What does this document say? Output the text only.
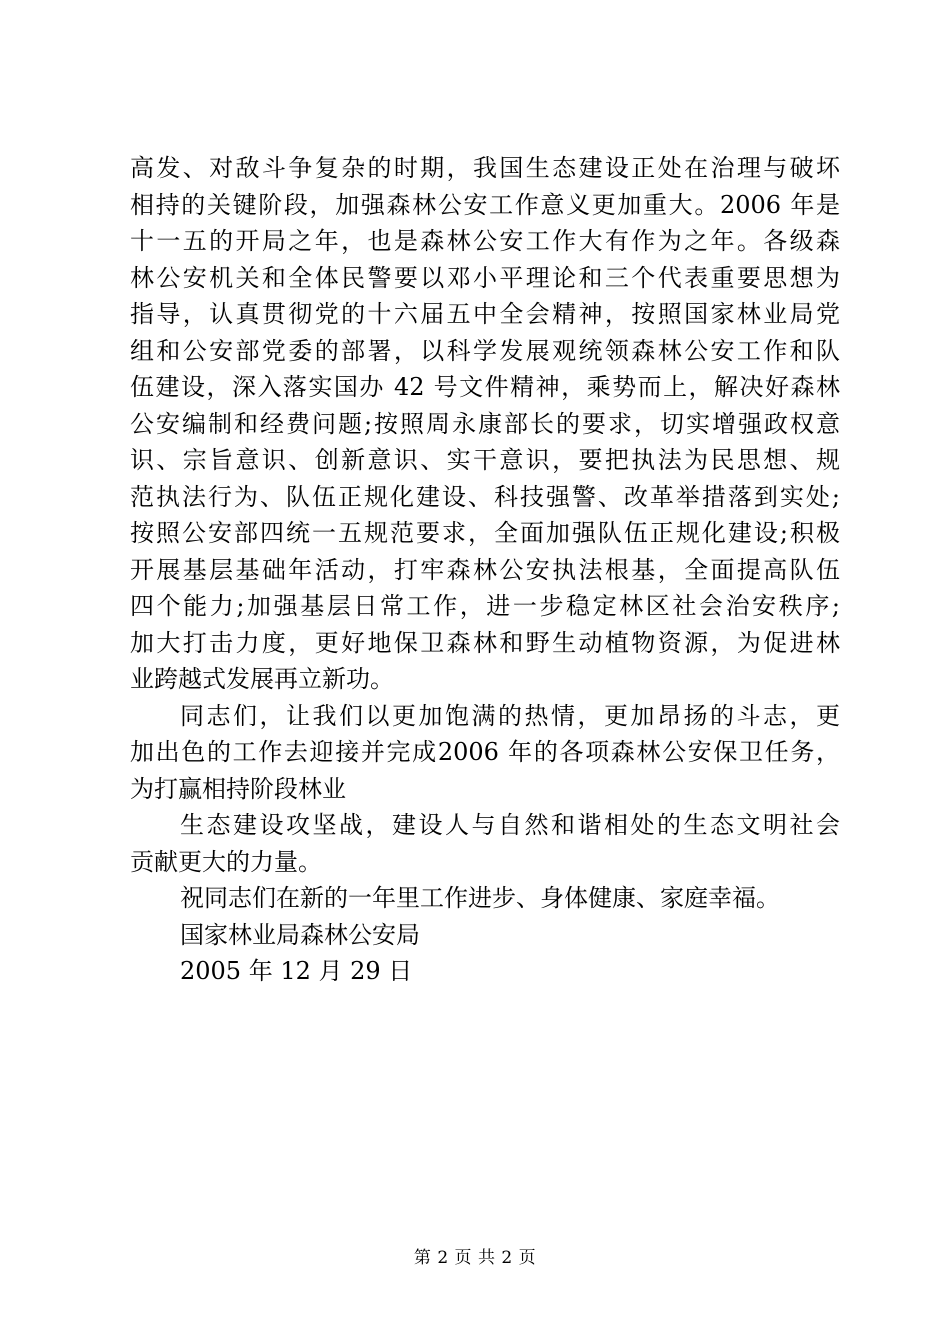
高发、对敌斗争复杂的时期，我国生态建设正处在治理与破坏
相持的关键阶段，加强森林公安工作意义更加重大。2006 年是
十一五的开局之年，也是森林公安工作大有作为之年。各级森
林公安机关和全体民警要以邓小平理论和三个代表重要思想为
指导，认真贯彻党的十六届五中全会精神，按照国家林业局党
组和公安部党委的部署，以科学发展观统领森林公安工作和队
伍建设，深入落实国办 42 号文件精神，乘势而上，解决好森林
公安编制和经费问题;按照周永康部长的要求，切实增强政权意
识、宗旨意识、创新意识、实干意识，要把执法为民思想、规
范执法行为、队伍正规化建设、科技强警、改革举措落到实处;
按照公安部四统一五规范要求，全面加强队伍正规化建设;积极
开展基层基础年活动，打牢森林公安执法根基，全面提高队伍
四个能力;加强基层日常工作，进一步稳定林区社会治安秩序;
加大打击力度，更好地保卫森林和野生动植物资源，为促进林
业跨越式发展再立新功。
同志们，让我们以更加饱满的热情，更加昂扬的斗志，更
加出色的工作去迎接并完成2006 年的各项森林公安保卫任务，
为打赢相持阶段林业
生态建设攻坚战，建设人与自然和谐相处的生态文明社会
贡献更大的力量。
祝同志们在新的一年里工作进步、身体健康、家庭幸福。
国家林业局森林公安局
2005 年 12 月 29 日
第 2 页 共 2 页
